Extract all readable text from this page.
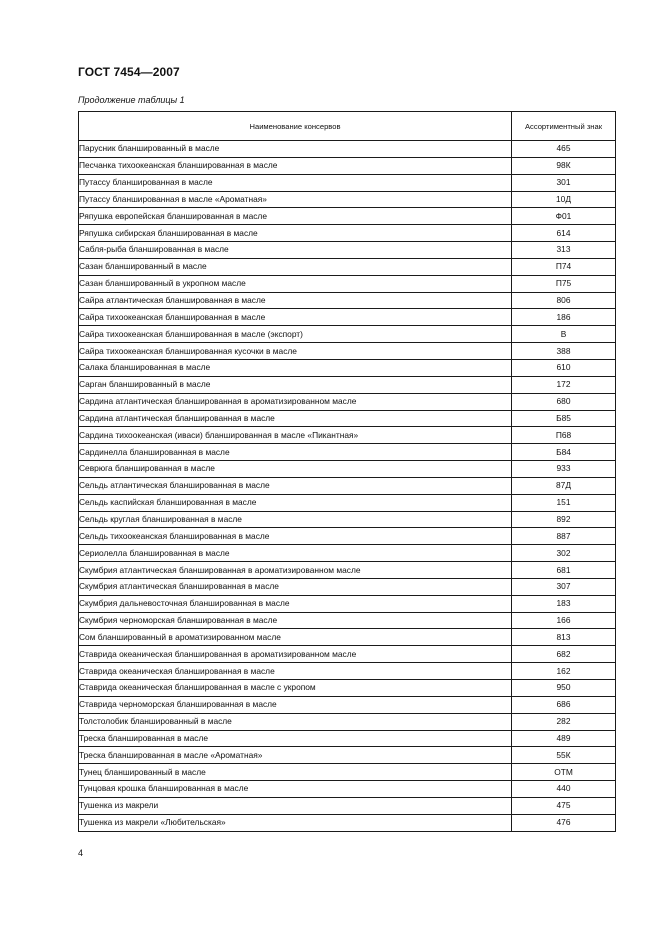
ГОСТ 7454—2007
Продолжение таблицы 1
Наименование консервов	Ассортиментный знак
Парусник бланшированный в масле	465
Песчанка тихоокеанская бланшированная в масле	98К
Путассу бланшированная в масле	301
Путассу бланшированная в масле «Ароматная»	10Д
Ряпушка европейская бланшированная в масле	Ф01
Ряпушка сибирская бланшированная в масле	614
Сабля-рыба бланшированная в масле	313
Сазан бланшированный в масле	П74
Сазан бланшированный в укропном масле	П75
Сайра атлантическая бланшированная в масле	806
Сайра тихоокеанская бланшированная в масле	186
Сайра тихоокеанская бланшированная в масле (экспорт)	В
Сайра тихоокеанская бланшированная кусочки в масле	388
Салака бланшированная в масле	610
Сарган бланшированный в масле	172
Сардина атлантическая бланшированная в ароматизированном масле	680
Сардина атлантическая бланшированная в масле	Б85
Сардина тихоокеанская (иваси) бланшированная в масле «Пикантная»	П68
Сардинелла бланшированная в масле	Б84
Севрюга бланшированная в масле	933
Сельдь атлантическая бланшированная в масле	87Д
Сельдь каспийская бланшированная в масле	151
Сельдь круглая бланшированная в масле	892
Сельдь тихоокеанская бланшированная в масле	887
Сериолелла бланшированная в масле	302
Скумбрия атлантическая бланшированная в ароматизированном масле	681
Скумбрия атлантическая бланшированная в масле	307
Скумбрия дальневосточная бланшированная в масле	183
Скумбрия черноморская бланшированная в масле	166
Сом бланшированный в ароматизированном масле	813
Ставрида океаническая бланшированная в ароматизированном масле	682
Ставрида океаническая бланшированная в масле	162
Ставрида океаническая бланшированная в масле с укропом	950
Ставрида черноморская бланшированная в масле	686
Толстолобик бланшированный в масле	282
Треска бланшированная в масле	489
Треска бланшированная в масле «Ароматная»	55К
Тунец бланшированный в масле	ОТМ
Тунцовая крошка бланшированная в масле	440
Тушенка из макрели	475
Тушенка из макрели «Любительская»	476
4
